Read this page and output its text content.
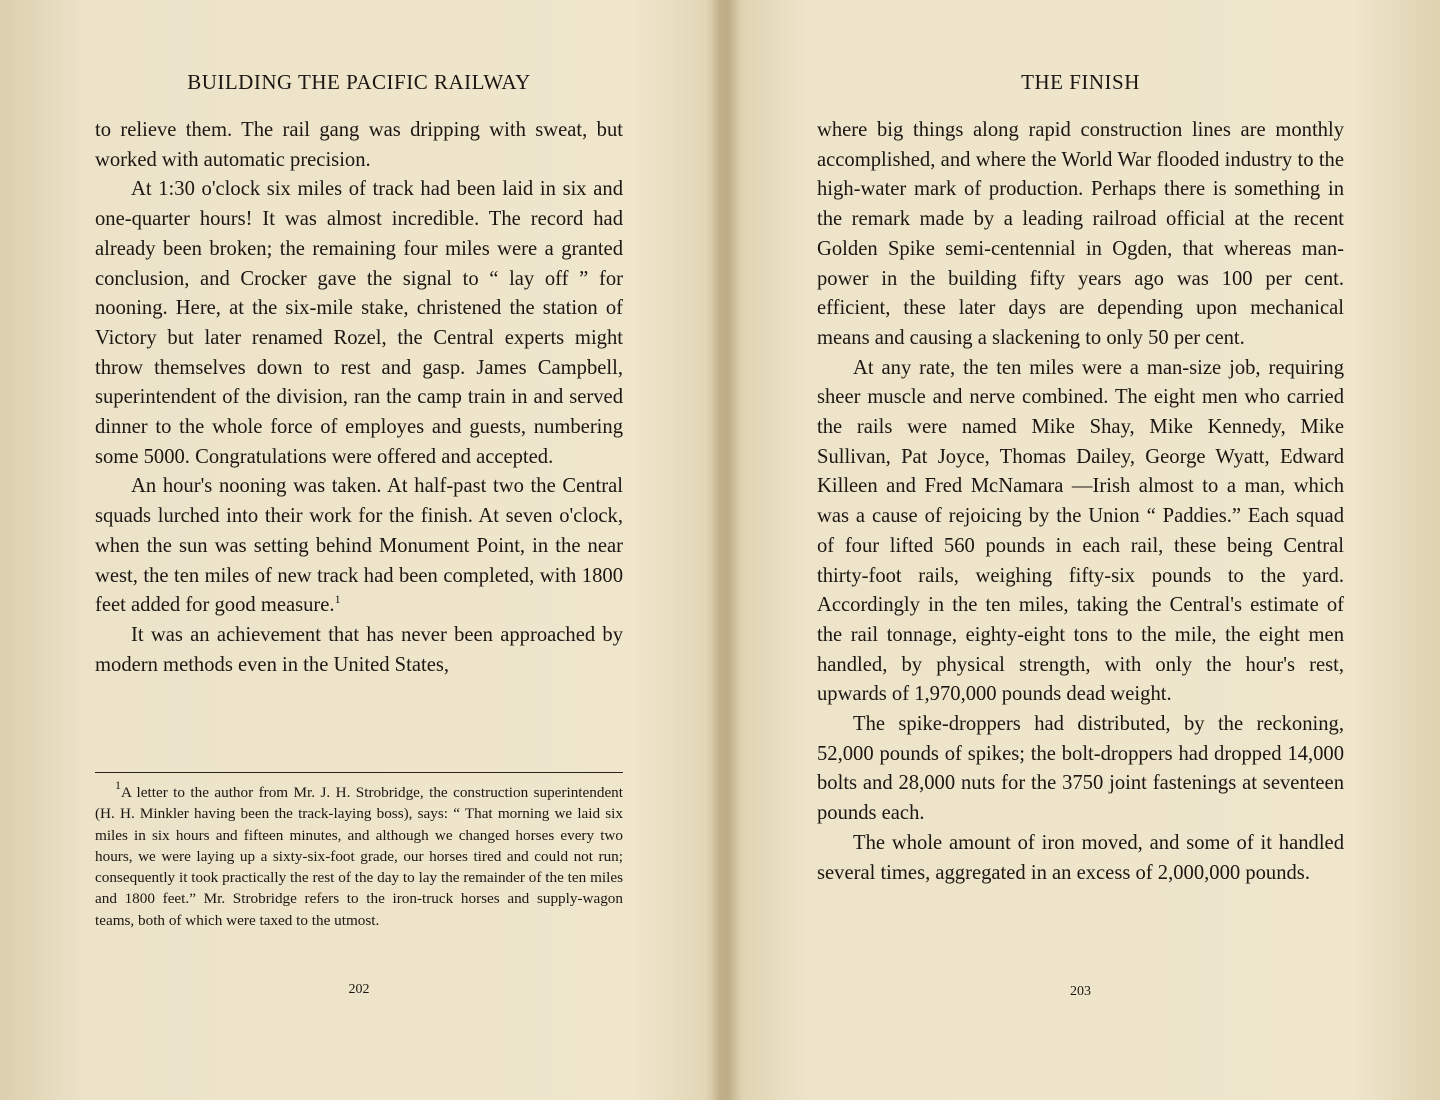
BUILDING THE PACIFIC RAILWAY

to relieve them. The rail gang was dripping with sweat, but worked with automatic precision.

At 1:30 o'clock six miles of track had been laid in six and one-quarter hours! It was almost incredible. The record had already been broken; the remaining four miles were a granted conclusion, and Crocker gave the signal to “ lay off ” for nooning. Here, at the six-mile stake, christened the station of Victory but later renamed Rozel, the Central experts might throw themselves down to rest and gasp. James Campbell, superintendent of the division, ran the camp train in and served dinner to the whole force of employes and guests, numbering some 5000. Congratulations were offered and accepted.

An hour's nooning was taken. At half-past two the Central squads lurched into their work for the finish. At seven o'clock, when the sun was setting behind Monument Point, in the near west, the ten miles of new track had been completed, with 1800 feet added for good measure.$^1$

It was an achievement that has never been approached by modern methods even in the United States,

$^1$A letter to the author from Mr. J. H. Strobridge, the construction superintendent (H. H. Minkler having been the track-laying boss), says: “ That morning we laid six miles in six hours and fifteen minutes, and although we changed horses every two hours, we were laying up a sixty-six-foot grade, our horses tired and could not run; consequently it took practically the rest of the day to lay the remainder of the ten miles and 1800 feet.” Mr. Strobridge refers to the iron-truck horses and supply-wagon teams, both of which were taxed to the utmost.

202
THE FINISH

where big things along rapid construction lines are monthly accomplished, and where the World War flooded industry to the high-water mark of production. Perhaps there is something in the remark made by a leading railroad official at the recent Golden Spike semi-centennial in Ogden, that whereas man-power in the building fifty years ago was 100 per cent. efficient, these later days are depending upon mechanical means and causing a slackening to only 50 per cent.

At any rate, the ten miles were a man-size job, requiring sheer muscle and nerve combined. The eight men who carried the rails were named Mike Shay, Mike Kennedy, Mike Sullivan, Pat Joyce, Thomas Dailey, George Wyatt, Edward Killeen and Fred McNamara —Irish almost to a man, which was a cause of rejoicing by the Union “ Paddies.” Each squad of four lifted 560 pounds in each rail, these being Central thirty-foot rails, weighing fifty-six pounds to the yard. Accordingly in the ten miles, taking the Central's estimate of the rail tonnage, eighty-eight tons to the mile, the eight men handled, by physical strength, with only the hour's rest, upwards of 1,970,000 pounds dead weight.

The spike-droppers had distributed, by the reckoning, 52,000 pounds of spikes; the bolt-droppers had dropped 14,000 bolts and 28,000 nuts for the 3750 joint fastenings at seventeen pounds each.

The whole amount of iron moved, and some of it handled several times, aggregated in an excess of 2,000,000 pounds.

203
